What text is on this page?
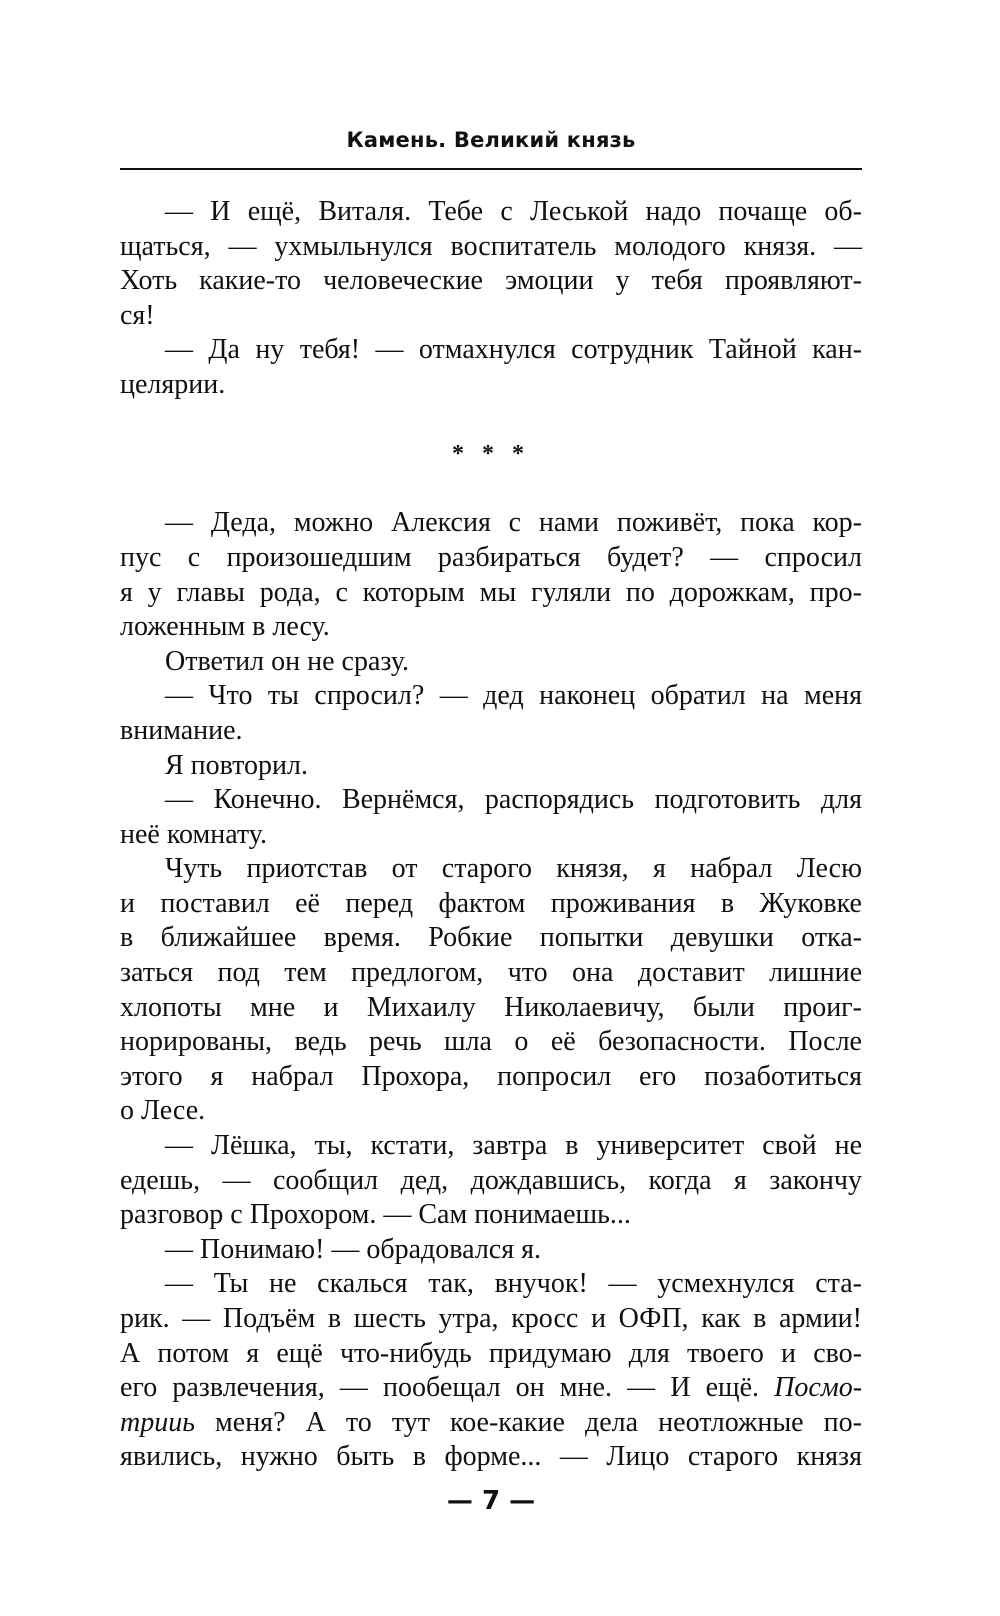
Камень. Великий князь
— И ещё, Виталя. Тебе с Леськой надо почаще об-
щаться, — ухмыльнулся воспитатель молодого князя. —
Хоть какие-то человеческие эмоции у тебя проявляют-
ся!
— Да ну тебя! — отмахнулся сотрудник Тайной кан-
целярии.
* * *
— Деда, можно Алексия с нами поживёт, пока кор-
пус с произошедшим разбираться будет? — спросил
я у главы рода, с которым мы гуляли по дорожкам, про-
ложенным в лесу.
Ответил он не сразу.
— Что ты спросил? — дед наконец обратил на меня
внимание.
Я повторил.
— Конечно. Вернёмся, распорядись подготовить для
неё комнату.
Чуть приотстав от старого князя, я набрал Лесю
и поставил её перед фактом проживания в Жуковке
в ближайшее время. Робкие попытки девушки отка-
заться под тем предлогом, что она доставит лишние
хлопоты мне и Михаилу Николаевичу, были проиг-
норированы, ведь речь шла о её безопасности. После
этого я набрал Прохора, попросил его позаботиться
о Лесе.
— Лёшка, ты, кстати, завтра в университет свой не
едешь, — сообщил дед, дождавшись, когда я закончу
разговор с Прохором. — Сам понимаешь...
— Понимаю! — обрадовался я.
— Ты не скалься так, внучок! — усмехнулся ста-
рик. — Подъём в шесть утра, кросс и ОФП, как в армии!
А потом я ещё что-нибудь придумаю для твоего и сво-
его развлечения, — пообещал он мне. — И ещё. Посмо-
трииь меня? А то тут кое-какие дела неотложные по-
явились, нужно быть в форме... — Лицо старого князя
— 7 —
